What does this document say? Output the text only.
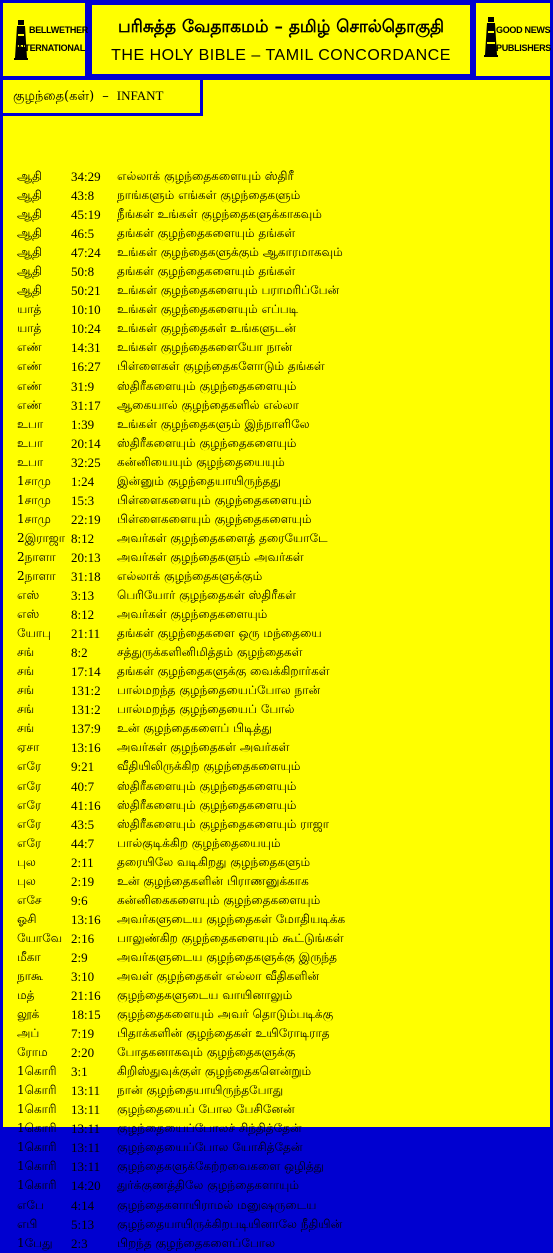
BELLWETHER
INTERNATIONAL
பரிசுத்த வேதாகமம் – தமிழ் சொல்தொகுதி
THE HOLY BIBLE – TAMIL CONCORDANCE
GOOD NEWS
PUBLISHERS
ஆதி 34:29 எல்லாக் குழந்தைகளையும் ஸ்திரீ
ஆதி 43:8 நாங்களும் எங்கள் குழந்தைகளும்
ஆதி 45:19 நீங்கள் உங்கள் குழந்தைகளுக்காகவும்
ஆதி 46:5 தங்கள் குழந்தைகளையும் தங்கள்
ஆதி 47:24 உங்கள் குழந்தைகளுக்கும் ஆகாரமாகவும்
ஆதி 50:8 தங்கள் குழந்தைகளையும் தங்கள்
ஆதி 50:21 உங்கள் குழந்தைகளையும் பராமரிப்பேன்
யாத் 10:10 உங்கள் குழந்தைகளையும் எப்படி
யாத் 10:24 உங்கள் குழந்தைகள் உங்களுடன்
எண் 14:31 உங்கள் குழந்தைகளையோ நான்
எண் 16:27 பிள்ளைகள் குழந்தைகளோடும் தங்கள்
எண் 31:9 ஸ்திரீகளையும் குழந்தைகளையும்
எண் 31:17 ஆகையால் குழந்தைகளில் எல்லா
உபா 1:39 உங்கள் குழந்தைகளும் இந்நாளிலே
உபா 20:14 ஸ்திரீகளையும் குழந்தைகளையும்
உபா 32:25 கன்னியையும் குழந்தையையும்
1சாமு 1:24 இன்னும் குழந்தையாயிருந்தது
1சாமு 15:3 பிள்ளைகளையும் குழந்தைகளையும்
1சாமு 22:19 பிள்ளைகளையும் குழந்தைகளையும்
2இராஜா 8:12 அவர்கள் குழந்தைகளைத் தரையோடே
2நாளா 20:13 அவர்கள் குழந்தைகளும் அவர்கள்
2நாளா 31:18 எல்லாக் குழந்தைகளுக்கும்
எஸ் 3:13 பெரியோர் குழந்தைகள் ஸ்திரீகள்
எஸ் 8:12 அவர்கள் குழந்தைகளையும்
யோபு 21:11 தங்கள் குழந்தைகளை ஒரு மந்தையை
சங்	8:2 சத்துருக்களினிமித்தம் குழந்தைகள்
சங்	17:14 தங்கள் குழந்தைகளுக்கு வைக்கிறார்கள்
சங்	131:2 பால்மறந்த குழந்தையைப்போல நான்
சங்	131:2 பால்மறந்த குழந்தையைப் போல்
சங்	137:9 உன் குழந்தைகளைப் பிடித்து
ஏசா 13:16 அவர்கள் குழந்தைகள் அவர்கள்
எரே 9:21 வீதியிலிருக்கிற குழந்தைகளையும்
எரே 40:7 ஸ்திரீகளையும் குழந்தைகளையும்
எரே 41:16 ஸ்திரீகளையும் குழந்தைகளையும்
எரே 43:5 ஸ்திரீகளையும் குழந்தைகளையும் ராஜா
எரே 44:7 பால்குடிக்கிற குழந்தையையும்
புல	2:11 தரையிலே வடிகிறது குழந்தைகளும்
புல	2:19 உன் குழந்தைகளின் பிராணனுக்காக
எசே 9:6 கன்னிகைகளையும் குழந்தைகளையும்
ஓசி	13:16 அவர்களுடைய குழந்தைகள் மோதியடிக்க
யோவே 2:16 பாலுண்கிற குழந்தைகளையும் கூட்டுங்கள்
மீகா 2:9 அவர்களுடைய குழந்தைகளுக்கு இருந்த
நாகூ 3:10 அவள் குழந்தைகள் எல்லா வீதிகளின்
மத்	21:16 குழந்தைகளுடைய வாயினாலும்
லூக் 18:15 குழந்தைகளையும் அவர் தொடும்படிக்கு
அப் 7:19 பிதாக்களின் குழந்தைகள் உயிரோடிராத
ரோம 2:20 போதகனாகவும் குழந்தைகளுக்கு
1கொரி 3:1 கிறிஸ்துவுக்குள் குழந்தைகளென்றும்
1கொரி 13:11 நான் குழந்தையாயிருந்தபோது
1கொரி 13:11 குழந்தையைப் போல பேசினேன்
1கொரி 13:11 குழந்தையைப்போலச் சிந்தித்தேன்
1கொரி 13:11 குழந்தையைப்போல யோசித்தேன்
1கொரி 13:11 குழந்தைகளுக்கேற்றவைகளை ஒழித்து
1கொரி 14:20 துர்க்குணத்திலே குழந்தைகளாயும்
எபே 4:14 குழந்தைகளாயிராமல் மனுஷருடைய
எபி	5:13 குழந்தையாயிருக்கிறபடியினாலே நீதியின்
1பேது 2:3 பிறந்த குழந்தைகளைப்போல
குழந்தை(கள்) – INFANT
